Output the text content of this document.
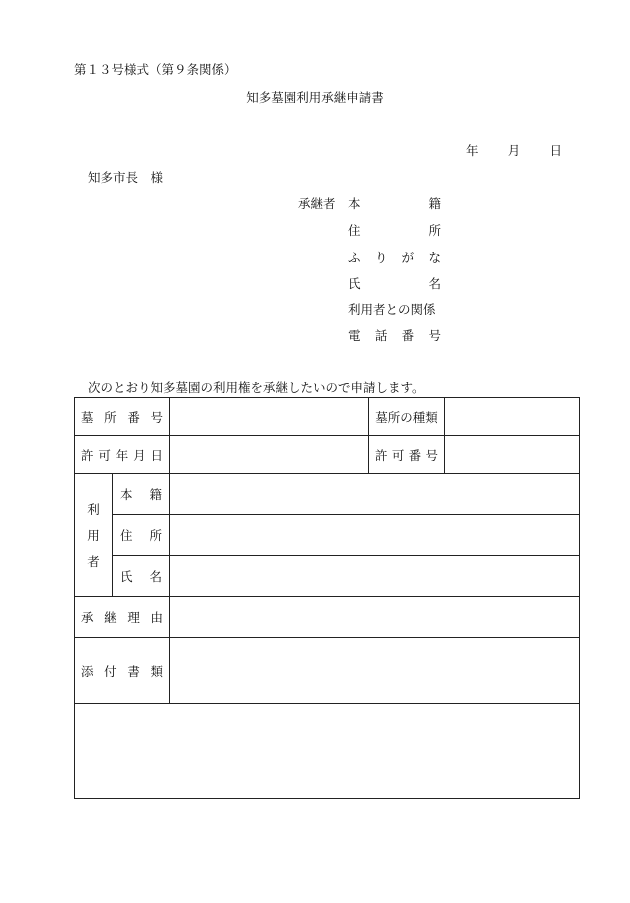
第１３号様式（第９条関係）
知多墓園利用承継申請書
年 月 日
知多市長　様
承継者 本	籍
住	所
ふ り が な
氏	名
利用者との関係
電 話 番 号
次のとおり知多墓園の利用権を承継したいので申請します。
墓 所 番 号			墓所の種類	

許 可 年 月 日			許 可 番 号	

利
用
者	本 籍			

	住 所			

	氏 名			

承 継 理 由				

添 付 書 類				
